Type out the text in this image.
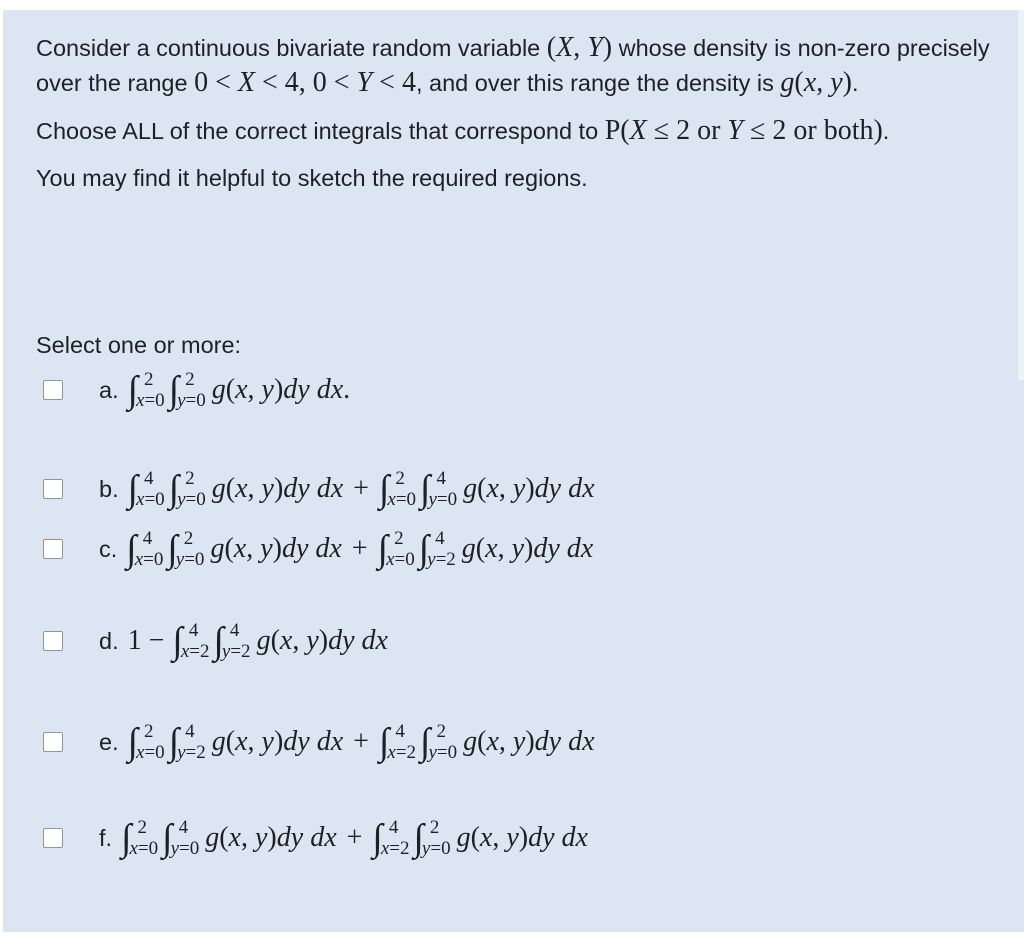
Consider a continuous bivariate random variable (X, Y) whose density is non-zero precisely
over the range 0 < X < 4, 0 < Y < 4, and over this range the density is g(x, y).
Choose ALL of the correct integrals that correspond to P(X ≤ 2 or Y ≤ 2 or both).
You may find it helpful to sketch the required regions.
Select one or more:
a. ∫ 2
x=0 ∫ 2
y=0 g(x, y)dy dx .
b. ∫ 4
x=0 ∫ 2
y=0 g(x, y)dy dx + ∫ 2
x=0 ∫ 4
y=0 g(x, y)dy dx
c. ∫ 4
x=0 ∫ 2
y=0 g(x, y)dy dx + ∫ 2
x=0 ∫ 4
y=2 g(x, y)dy dx
d. 1 − ∫ 4
x=2 ∫ 4
y=2 g(x, y)dy dx
e. ∫ 2
x=0 ∫ 4
y=2 g(x, y)dy dx + ∫ 4
x=2 ∫ 2
y=0 g(x, y)dy dx
f. ∫ 2
x=0 ∫ 4
y=0 g(x, y)dy dx + ∫ 4
x=2 ∫ 2
y=0 g(x, y)dy dx
